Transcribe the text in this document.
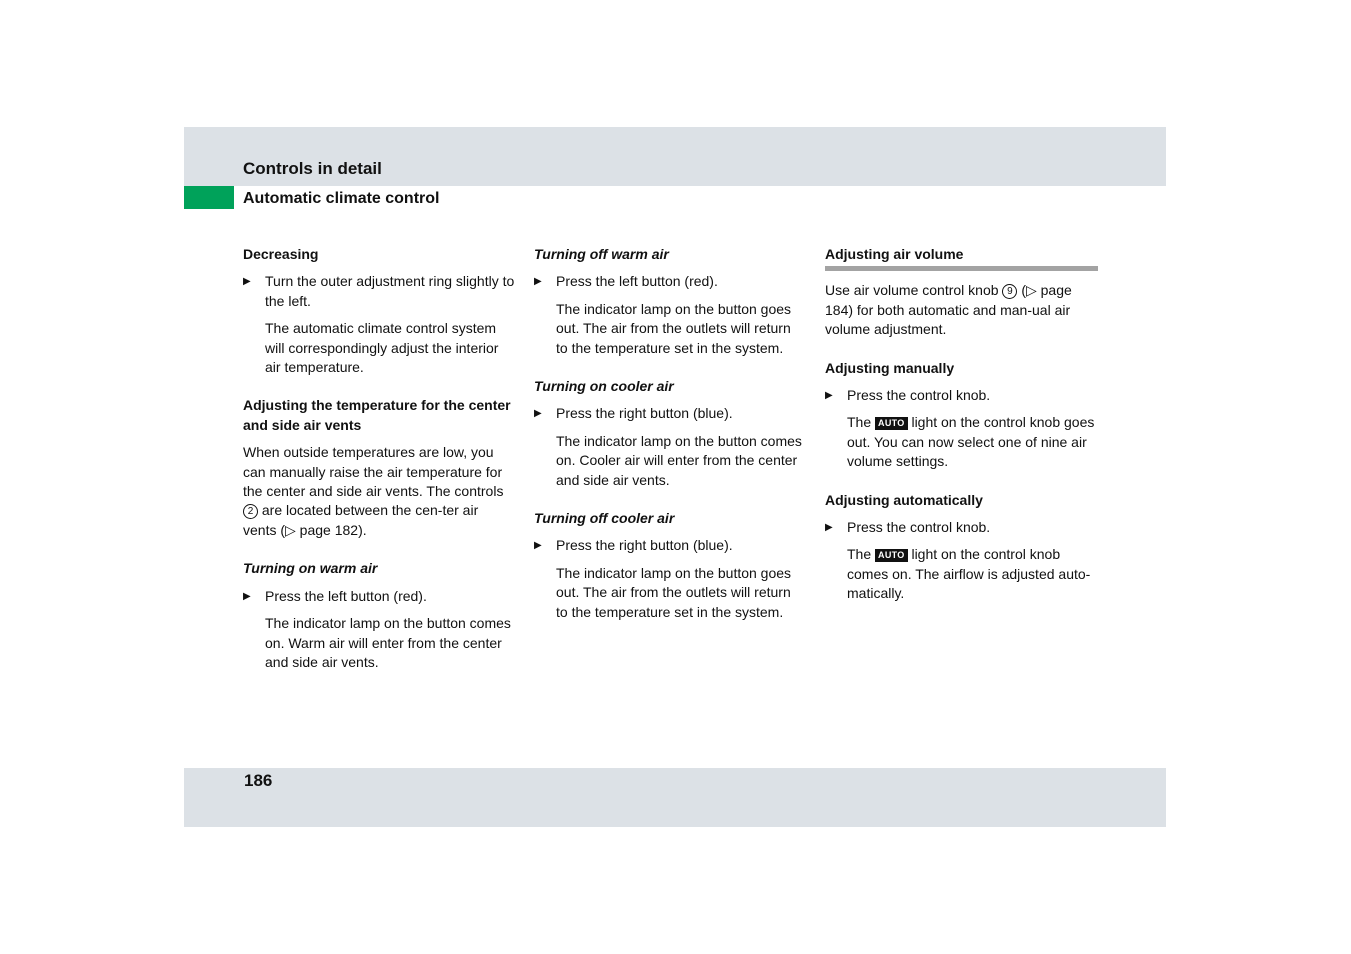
Controls in detail
Automatic climate control

Decreasing

▶ Turn the outer adjustment ring slightly to the left.

The automatic climate control system will correspondingly adjust the interior air temperature.

Adjusting the temperature for the center and side air vents

When outside temperatures are low, you can manually raise the air temperature for the center and side air vents. The controls 2 are located between the cen-ter air vents (▷ page 182).

Turning on warm air

▶ Press the left button (red).

The indicator lamp on the button comes on. Warm air will enter from the center and side air vents.

Turning off warm air

▶ Press the left button (red).

The indicator lamp on the button goes out. The air from the outlets will return to the temperature set in the system.

Turning on cooler air

▶ Press the right button (blue).

The indicator lamp on the button comes on. Cooler air will enter from the center and side air vents.

Turning off cooler air

▶ Press the right button (blue).

The indicator lamp on the button goes out. The air from the outlets will return to the temperature set in the system.

Adjusting air volume

Use air volume control knob 9 (▷ page 184) for both automatic and man-ual air volume adjustment.

Adjusting manually

▶ Press the control knob.

The AUTO light on the control knob goes out. You can now select one of nine air volume settings.

Adjusting automatically

▶ Press the control knob.

The AUTO light on the control knob comes on. The airflow is adjusted auto-matically.

186
